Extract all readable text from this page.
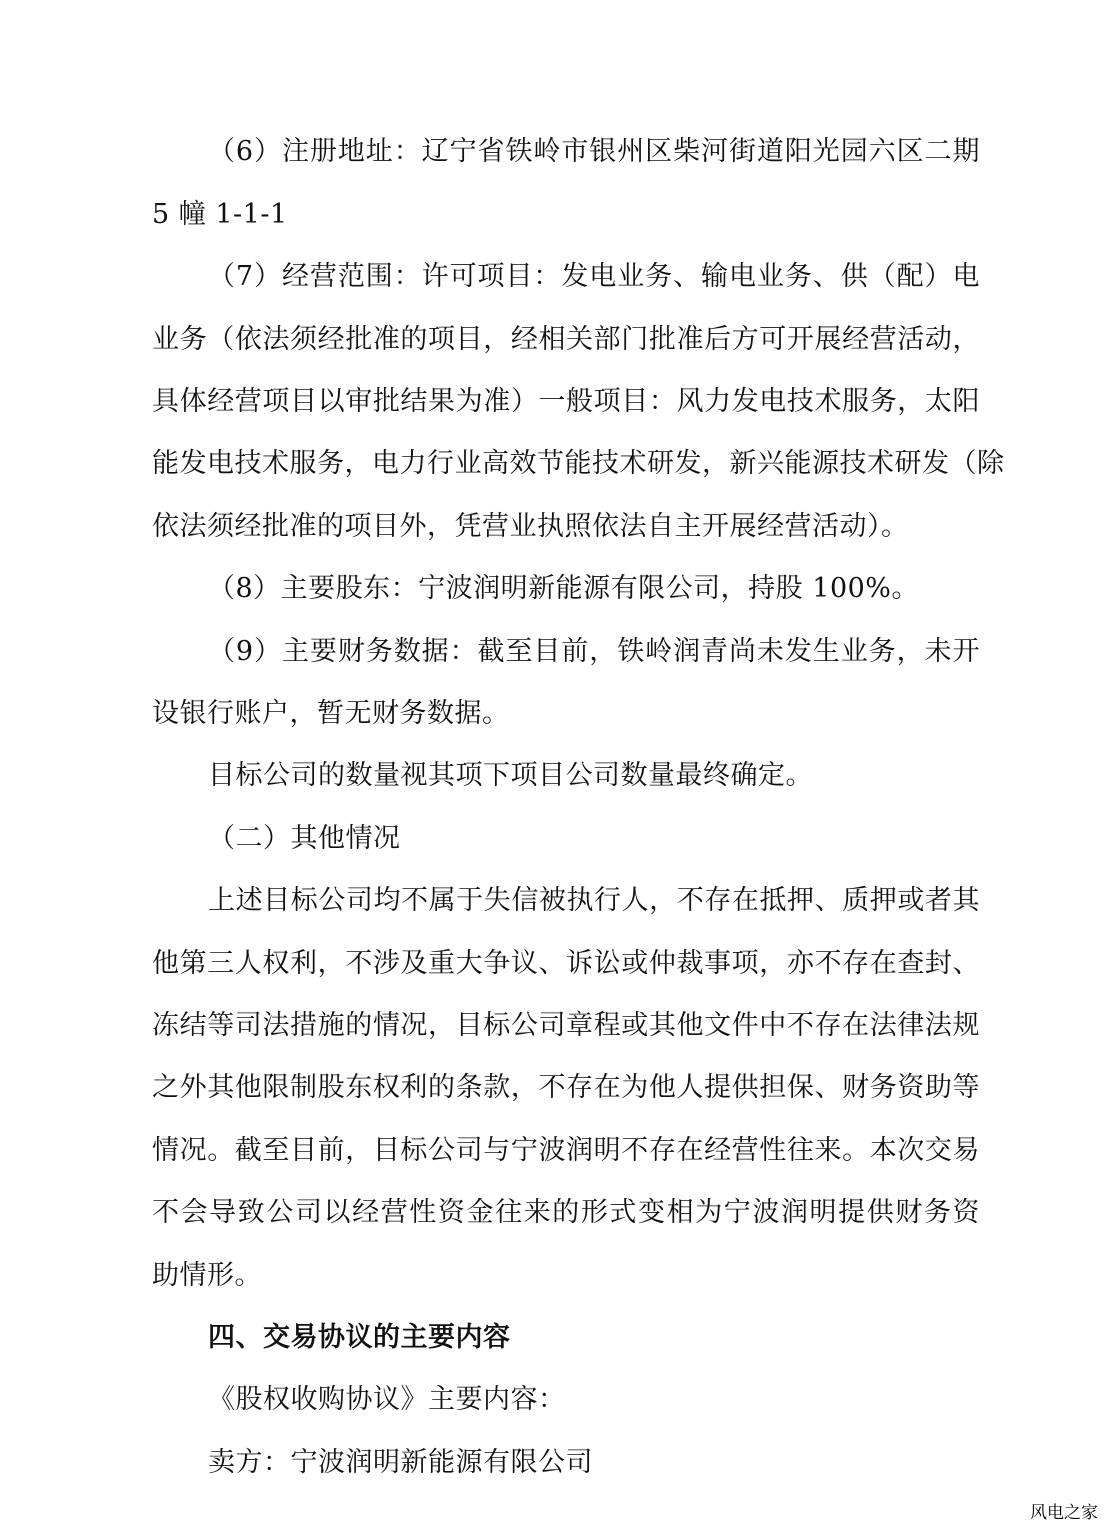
（6）注册地址：辽宁省铁岭市银州区柴河街道阳光园六区二期
5 幢 1-1-1
（7）经营范围：许可项目：发电业务、输电业务、供（配）电
业务（依法须经批准的项目，经相关部门批准后方可开展经营活动，
具体经营项目以审批结果为准）一般项目：风力发电技术服务，太阳
能发电技术服务，电力行业高效节能技术研发，新兴能源技术研发（除
依法须经批准的项目外，凭营业执照依法自主开展经营活动）。
（8）主要股东：宁波润明新能源有限公司，持股 100%。
（9）主要财务数据：截至目前，铁岭润青尚未发生业务，未开
设银行账户，暂无财务数据。
目标公司的数量视其项下项目公司数量最终确定。
（二）其他情况
上述目标公司均不属于失信被执行人，不存在抵押、质押或者其
他第三人权利，不涉及重大争议、诉讼或仲裁事项，亦不存在查封、
冻结等司法措施的情况，目标公司章程或其他文件中不存在法律法规
之外其他限制股东权利的条款，不存在为他人提供担保、财务资助等
情况。截至目前，目标公司与宁波润明不存在经营性往来。本次交易
不会导致公司以经营性资金往来的形式变相为宁波润明提供财务资
助情形。
四、交易协议的主要内容
《股权收购协议》主要内容：
卖方：宁波润明新能源有限公司
风电之家
